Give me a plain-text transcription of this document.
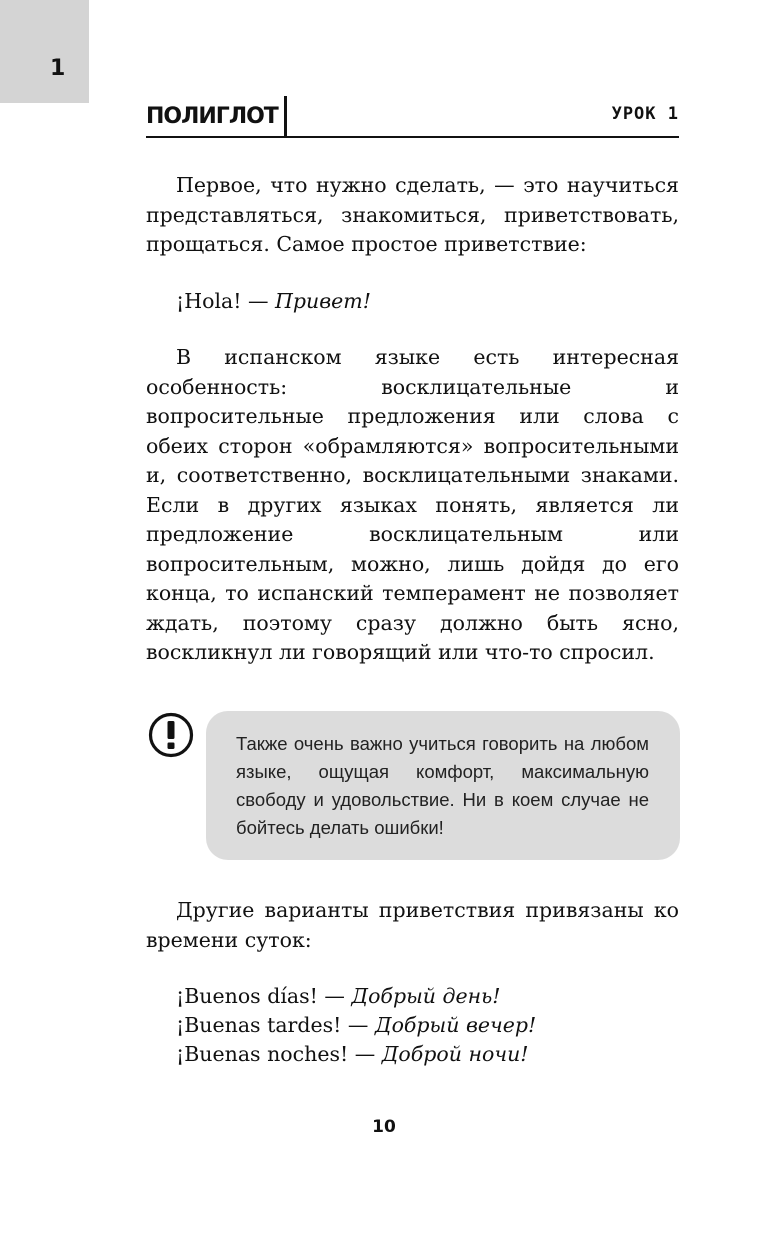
1
ПОЛИГЛОТ	УРОК 1

Первое, что нужно сделать, — это научиться представляться, знакомиться, приветствовать, прощаться. Самое простое приветствие:

¡Hola! — Привет!

В испанском языке есть интересная особенность: восклицательные и вопросительные предложения или слова с обеих сторон «обрамляются» вопросительными и, соответственно, восклицательными знаками. Если в других языках понять, является ли предложение восклицательным или вопросительным, можно, лишь дойдя до его конца, то испанский темперамент не позволяет ждать, поэтому сразу должно быть ясно, воскликнул ли говорящий или что-то спросил.

Также очень важно учиться говорить на любом языке, ощущая комфорт, максимальную свободу и удовольствие. Ни в коем случае не бойтесь делать ошибки!

Другие варианты приветствия привязаны ко времени суток:

¡Buenos días! — Добрый день!
¡Buenas tardes! — Добрый вечер!
¡Buenas noches! — Доброй ночи!
10
